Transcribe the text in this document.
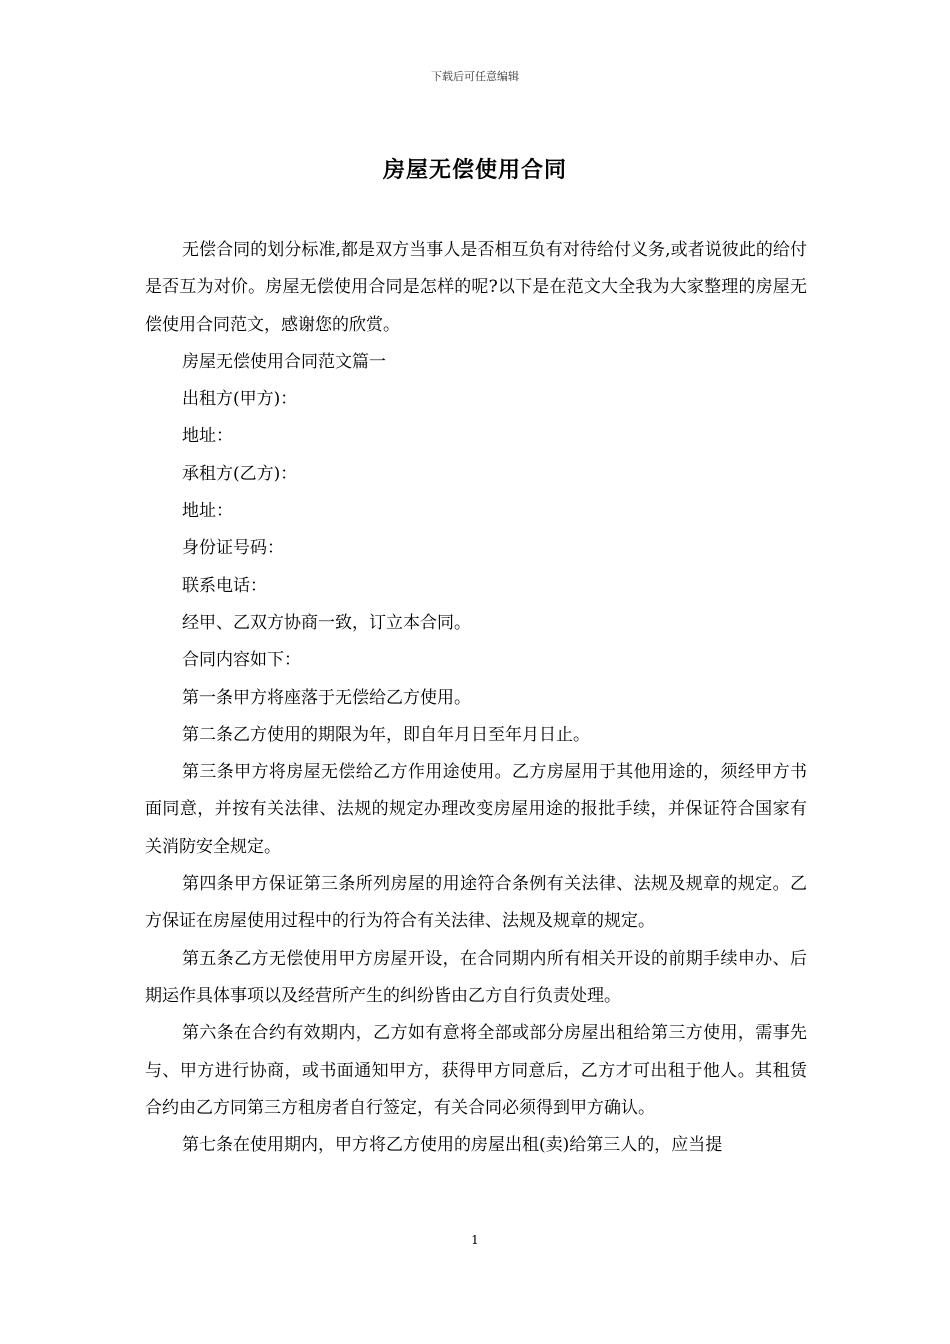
下载后可任意编辑
房屋无偿使用合同

无偿合同的划分标准,都是双方当事人是否相互负有对待给付义务,或者说彼此的给付是否互为对价。房屋无偿使用合同是怎样的呢?以下是在范文大全我为大家整理的房屋无偿使用合同范文，感谢您的欣赏。

房屋无偿使用合同范文篇一

出租方(甲方)：

地址：

承租方(乙方)：

地址：

身份证号码：

联系电话：

经甲、乙双方协商一致，订立本合同。

合同内容如下：

第一条甲方将座落于无偿给乙方使用。

第二条乙方使用的期限为年，即自年月日至年月日止。

第三条甲方将房屋无偿给乙方作用途使用。乙方房屋用于其他用途的，须经甲方书面同意，并按有关法律、法规的规定办理改变房屋用途的报批手续，并保证符合国家有关消防安全规定。

第四条甲方保证第三条所列房屋的用途符合条例有关法律、法规及规章的规定。乙方保证在房屋使用过程中的行为符合有关法律、法规及规章的规定。

第五条乙方无偿使用甲方房屋开设，在合同期内所有相关开设的前期手续申办、后期运作具体事项以及经营所产生的纠纷皆由乙方自行负责处理。

第六条在合约有效期内，乙方如有意将全部或部分房屋出租给第三方使用，需事先与、甲方进行协商，或书面通知甲方，获得甲方同意后，乙方才可出租于他人。其租赁合约由乙方同第三方租房者自行签定，有关合同必须得到甲方确认。

第七条在使用期内，甲方将乙方使用的房屋出租(卖)给第三人的，应当提

1
